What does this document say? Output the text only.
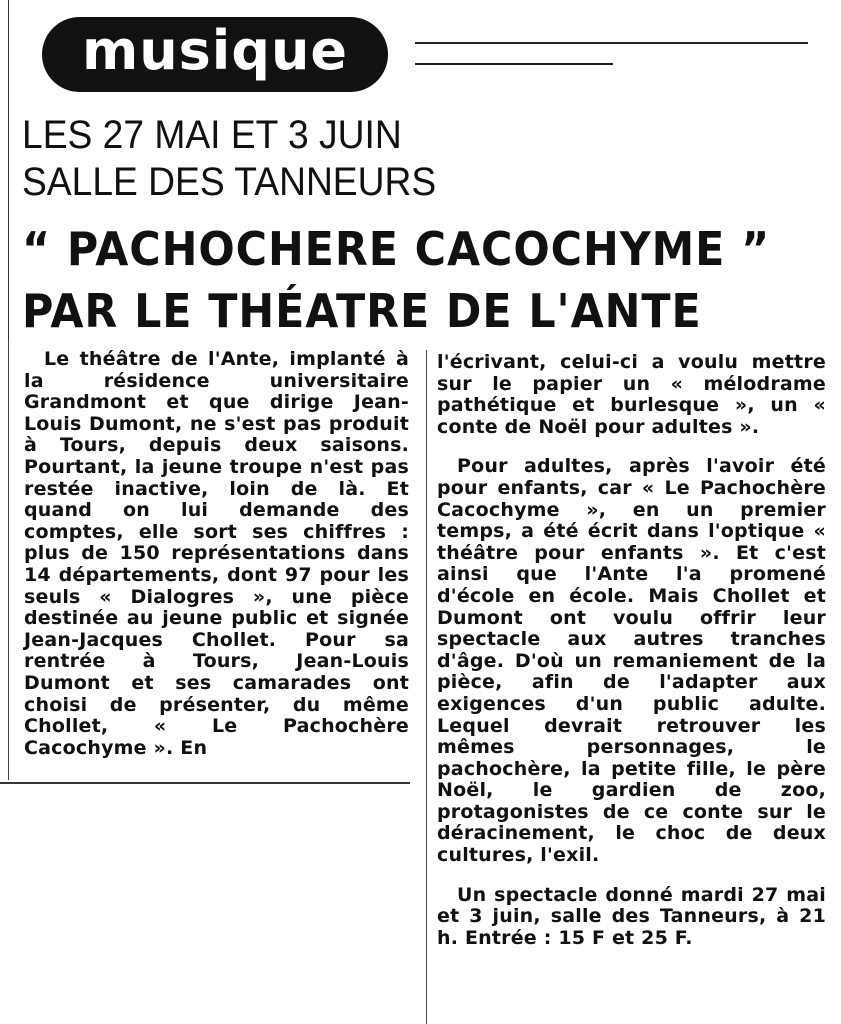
musique
LES 27 MAI ET 3 JUIN
SALLE DES TANNEURS
“ PACHOCHERE CACOCHYME ”
PAR LE THÉATRE DE L'ANTE

Le théâtre de l'Ante, implanté à la résidence universitaire Grandmont et que dirige Jean-Louis Dumont, ne s'est pas produit à Tours, depuis deux saisons. Pourtant, la jeune troupe n'est pas restée inactive, loin de là. Et quand on lui demande des comptes, elle sort ses chiffres : plus de 150 représentations dans 14 départements, dont 97 pour les seuls « Dialogres », une pièce destinée au jeune public et signée Jean-Jacques Chollet. Pour sa rentrée à Tours, Jean-Louis Dumont et ses camarades ont choisi de présenter, du même Chollet, « Le Pachochère Cacochyme ». En

l'écrivant, celui-ci a voulu mettre sur le papier un « mélodrame pathétique et burlesque », un « conte de Noël pour adultes ».

Pour adultes, après l'avoir été pour enfants, car « Le Pachochère Cacochyme », en un premier temps, a été écrit dans l'optique « théâtre pour enfants ». Et c'est ainsi que l'Ante l'a promené d'école en école. Mais Chollet et Dumont ont voulu offrir leur spectacle aux autres tranches d'âge. D'où un remaniement de la pièce, afin de l'adapter aux exigences d'un public adulte. Lequel devrait retrouver les mêmes personnages, le pachochère, la petite fille, le père Noël, le gardien de zoo, protagonistes de ce conte sur le déracinement, le choc de deux cultures, l'exil.

Un spectacle donné mardi 27 mai et 3 juin, salle des Tanneurs, à 21 h. Entrée : 15 F et 25 F.
